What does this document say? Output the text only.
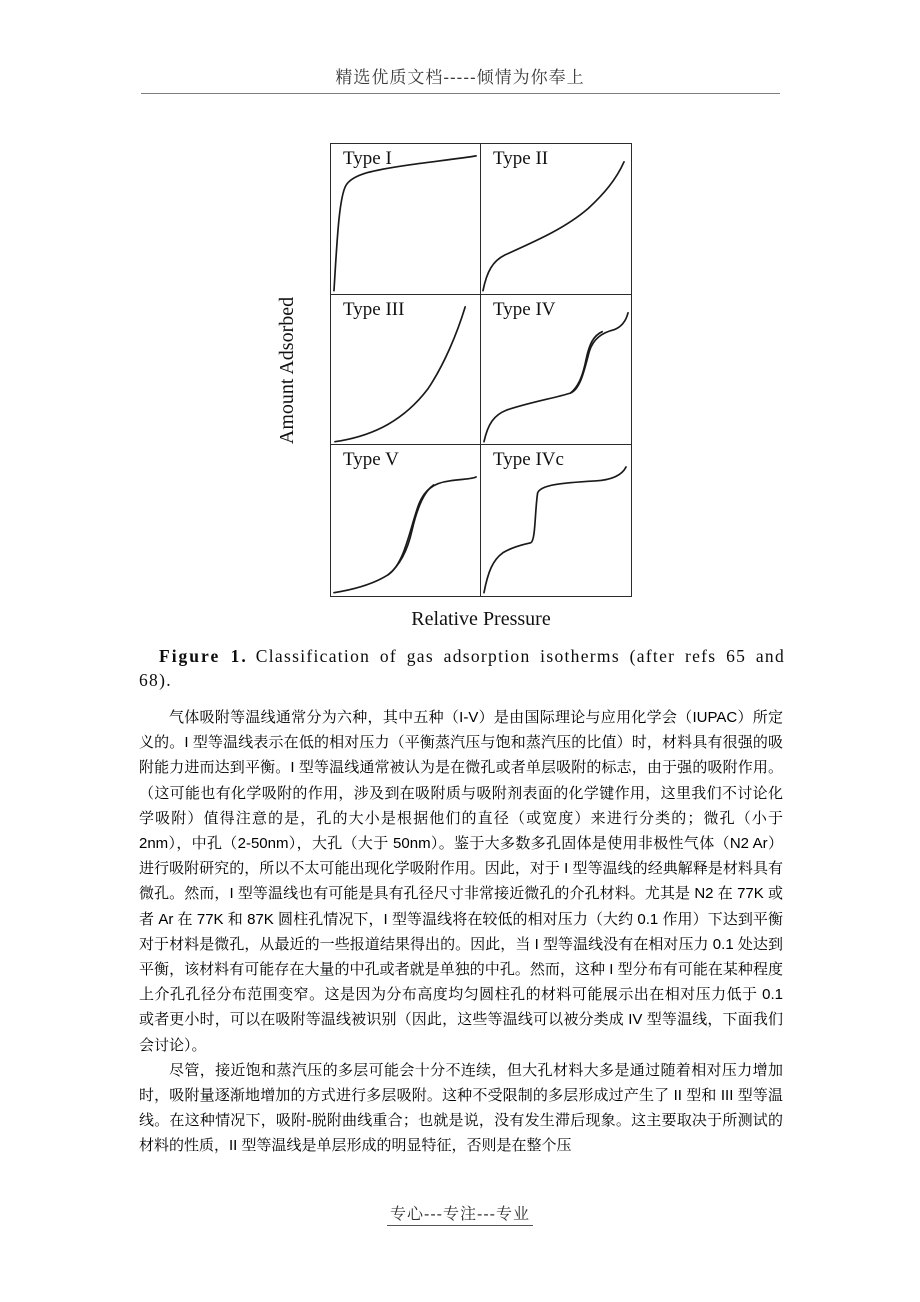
精选优质文档-----倾情为你奉上
Amount Adsorbed
Type I	Type II
Type III	Type IV
Type V	Type IVc
Relative Pressure
Figure 1. Classification of gas adsorption isotherms (after refs 65 and 68).

气体吸附等温线通常分为六种，其中五种（I-V）是由国际理论与应用化学会（IUPAC）所定义的。I 型等温线表示在低的相对压力（平衡蒸汽压与饱和蒸汽压的比值）时，材料具有很强的吸附能力进而达到平衡。I 型等温线通常被认为是在微孔或者单层吸附的标志，由于强的吸附作用。（这可能也有化学吸附的作用，涉及到在吸附质与吸附剂表面的化学键作用，这里我们不讨论化学吸附）值得注意的是，孔的大小是根据他们的直径（或宽度）来进行分类的；微孔（小于 2nm），中孔（2-50nm），大孔（大于 50nm）。鉴于大多数多孔固体是使用非极性气体（N2 Ar）进行吸附研究的，所以不太可能出现化学吸附作用。因此，对于 I 型等温线的经典解释是材料具有微孔。然而，I 型等温线也有可能是具有孔径尺寸非常接近微孔的介孔材料。尤其是 N2 在 77K 或者 Ar 在 77K 和 87K 圆柱孔情况下，I 型等温线将在较低的相对压力（大约 0.1 作用）下达到平衡对于材料是微孔，从最近的一些报道结果得出的。因此，当 I 型等温线没有在相对压力 0.1 处达到平衡，该材料有可能存在大量的中孔或者就是单独的中孔。然而，这种 I 型分布有可能在某种程度上介孔孔径分布范围变窄。这是因为分布高度均匀圆柱孔的材料可能展示出在相对压力低于 0.1 或者更小时，可以在吸附等温线被识别（因此，这些等温线可以被分类成 IV 型等温线，下面我们会讨论）。

尽管，接近饱和蒸汽压的多层可能会十分不连续，但大孔材料大多是通过随着相对压力增加时，吸附量逐渐地增加的方式进行多层吸附。这种不受限制的多层形成过产生了 II 型和 III 型等温线。在这种情况下，吸附-脱附曲线重合；也就是说，没有发生滞后现象。这主要取决于所测试的材料的性质，II 型等温线是单层形成的明显特征，否则是在整个压

专心---专注---专业
